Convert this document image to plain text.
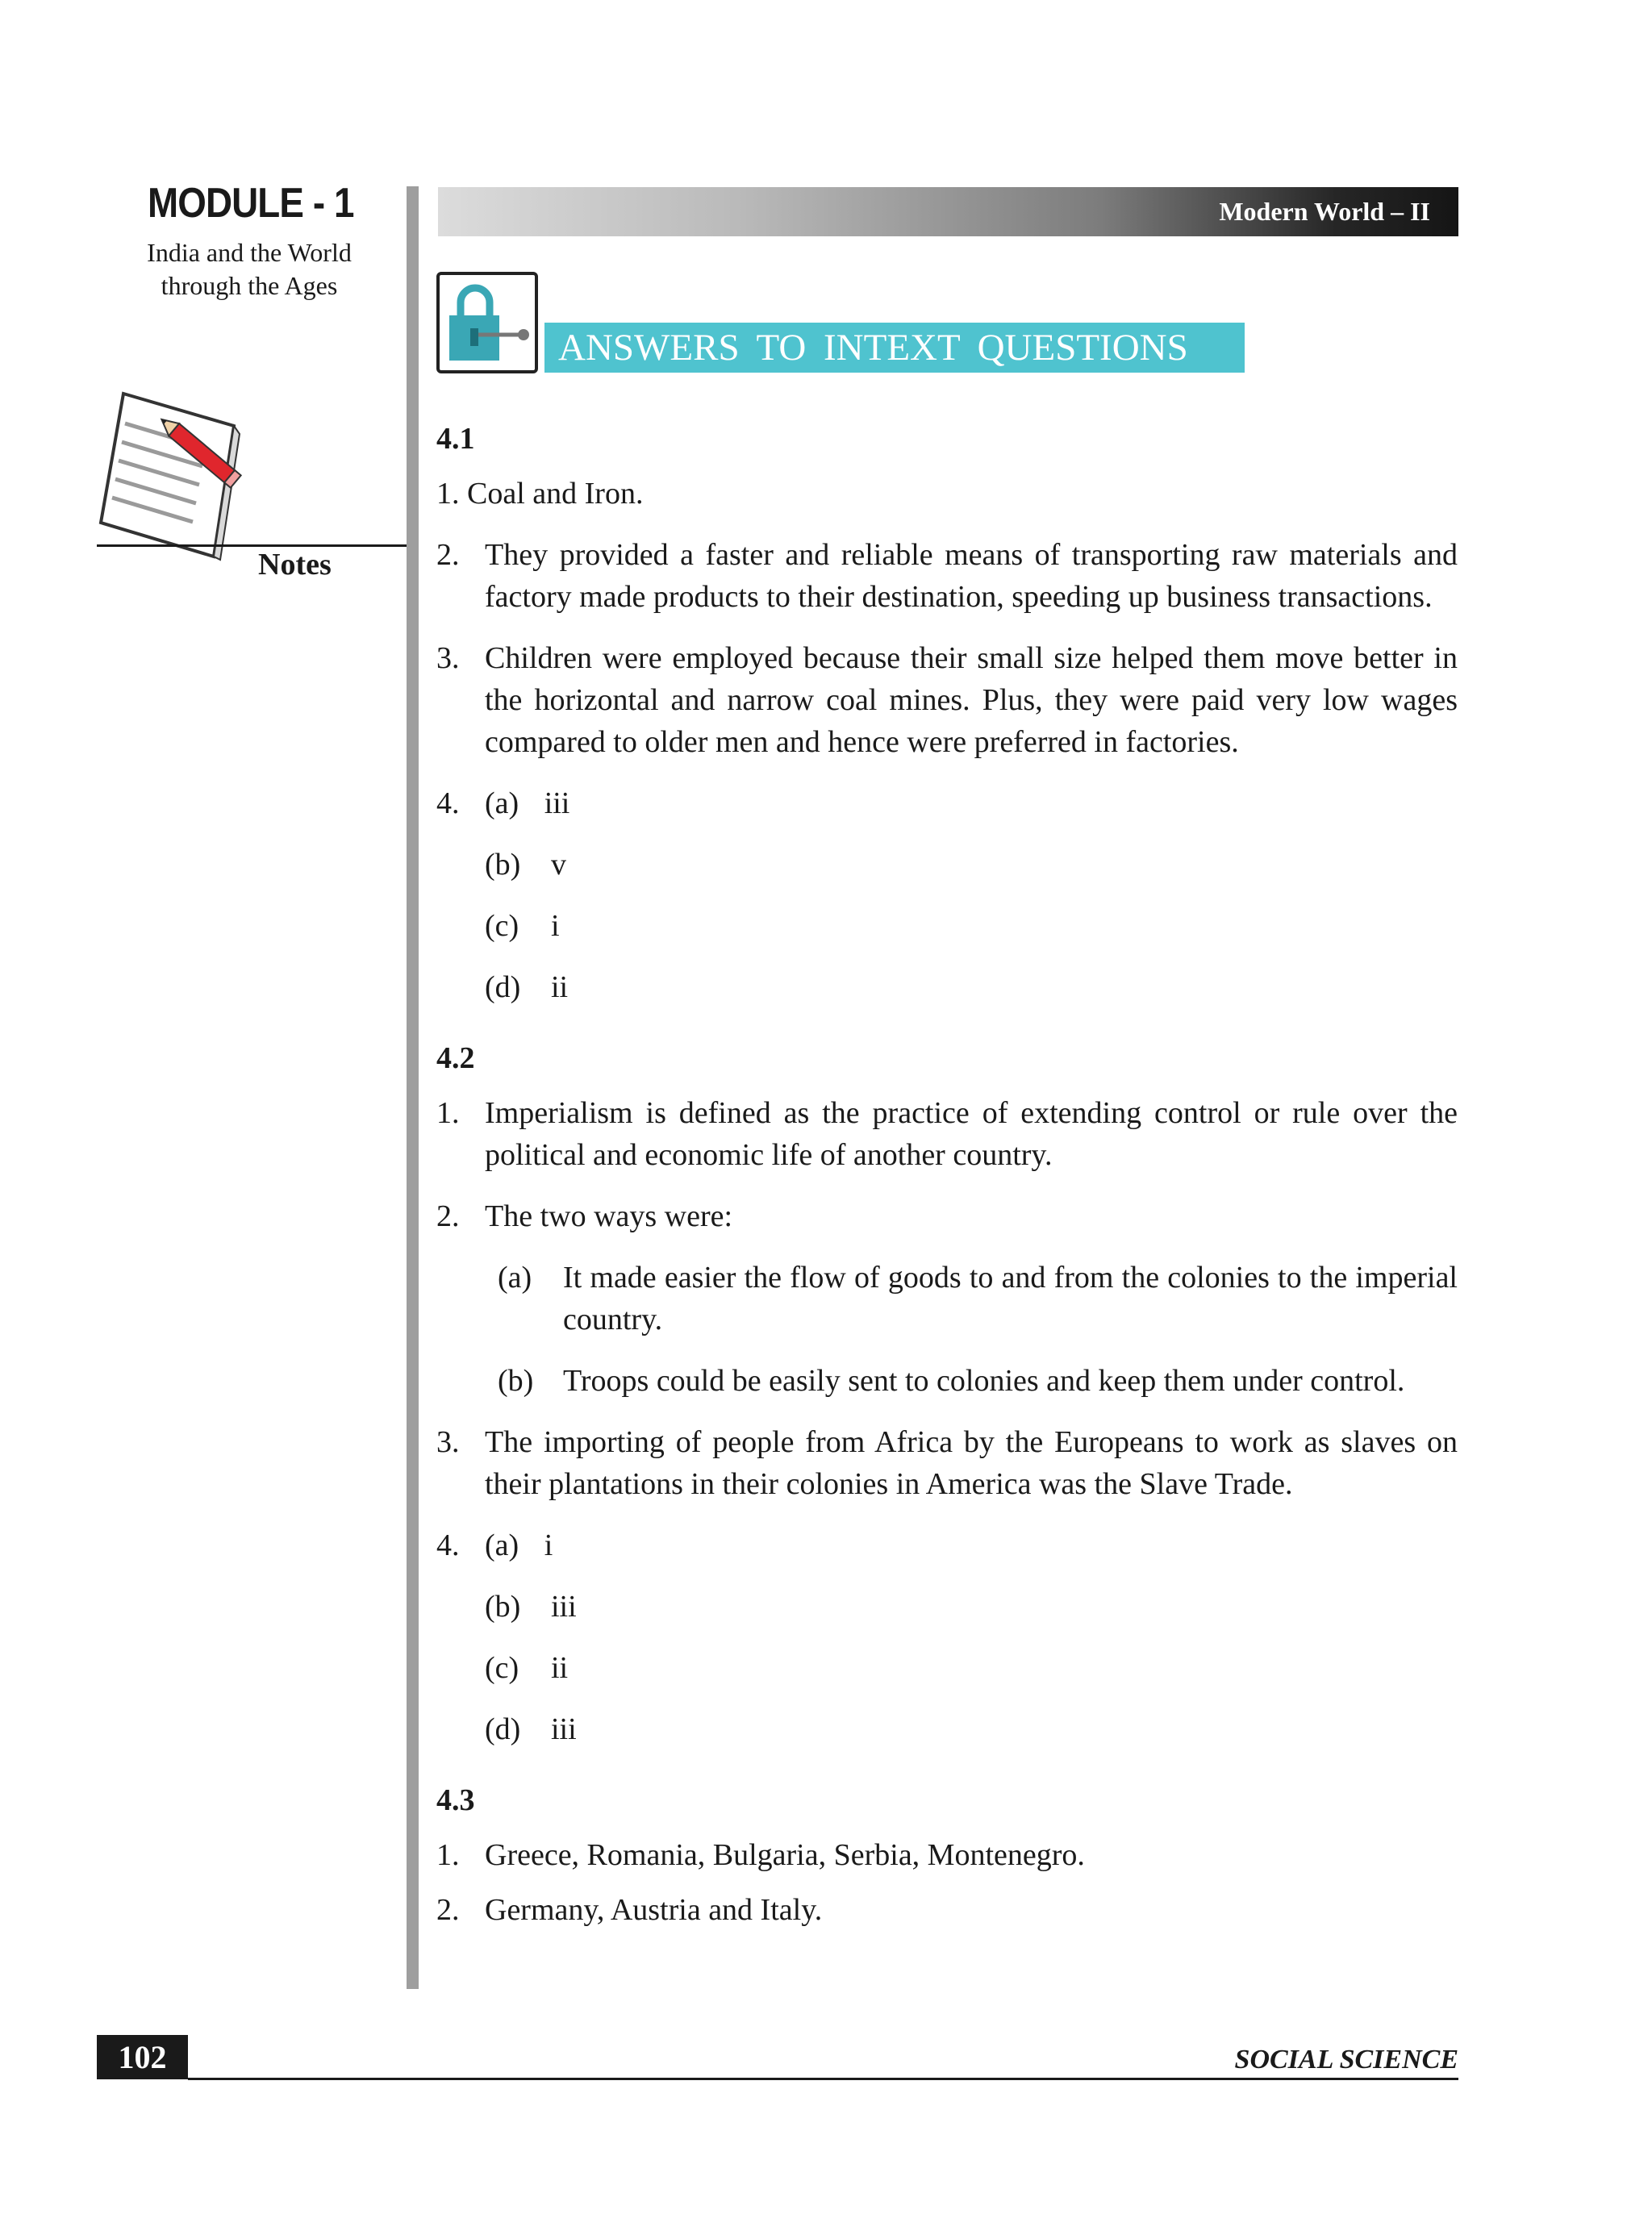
MODULE - 1
India and the World
through the Ages
Notes
Modern World – II
ANSWERS TO INTEXT QUESTIONS

4.1

1. Coal and Iron.

2. They provided a faster and reliable means of transporting raw materials and factory made products to their destination, speeding up business transactions.
3. Children were employed because their small size helped them move better in the horizontal and narrow coal mines. Plus, they were paid very low wages compared to older men and hence were preferred in factories.
4. (a) iii
(b) v
(c) i
(d) ii

4.2

1. Imperialism is defined as the practice of extending control or rule over the political and economic life of another country.
2. The two ways were:
(a) It made easier the flow of goods to and from the colonies to the imperial country.
(b) Troops could be easily sent to colonies and keep them under control.
3. The importing of people from Africa by the Europeans to work as slaves on their plantations in their colonies in America was the Slave Trade.
4. (a) i
(b) iii
(c) ii
(d) iii

4.3

1. Greece, Romania, Bulgaria, Serbia, Montenegro.
2. Germany, Austria and Italy.
102	SOCIAL SCIENCE
